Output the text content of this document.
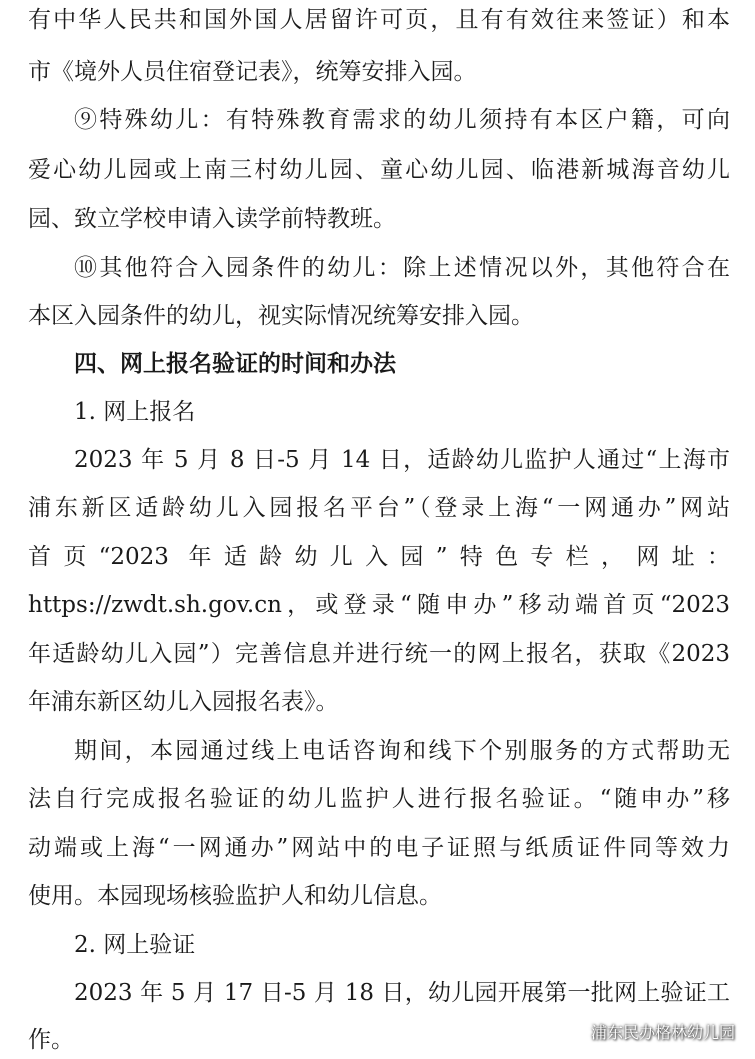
有中华人民共和国外国人居留许可页，且有有效往来签证）和本
市《境外人员住宿登记表》，统筹安排入园。
⑨特殊幼儿：有特殊教育需求的幼儿须持有本区户籍，可向
爱心幼儿园或上南三村幼儿园、童心幼儿园、临港新城海音幼儿
园、致立学校申请入读学前特教班。
⑩其他符合入园条件的幼儿：除上述情况以外，其他符合在
本区入园条件的幼儿，视实际情况统筹安排入园。
四、网上报名验证的时间和办法
1. 网上报名
2023 年 5 月 8 日-5 月 14 日，适龄幼儿监护人通过“上海市
浦东新区适龄幼儿入园报名平台”（登录上海“一网通办”网站
首页“2023 年适龄幼儿入园”特色专栏，网址：
https://zwdt.sh.gov.cn，或登录“随申办”移动端首页“2023
年适龄幼儿入园”）完善信息并进行统一的网上报名，获取《2023
年浦东新区幼儿入园报名表》。
期间，本园通过线上电话咨询和线下个别服务的方式帮助无
法自行完成报名验证的幼儿监护人进行报名验证。“随申办”移
动端或上海“一网通办”网站中的电子证照与纸质证件同等效力
使用。本园现场核验监护人和幼儿信息。
2. 网上验证
2023 年 5 月 17 日-5 月 18 日，幼儿园开展第一批网上验证工
作。	浦东民办格林幼儿园
